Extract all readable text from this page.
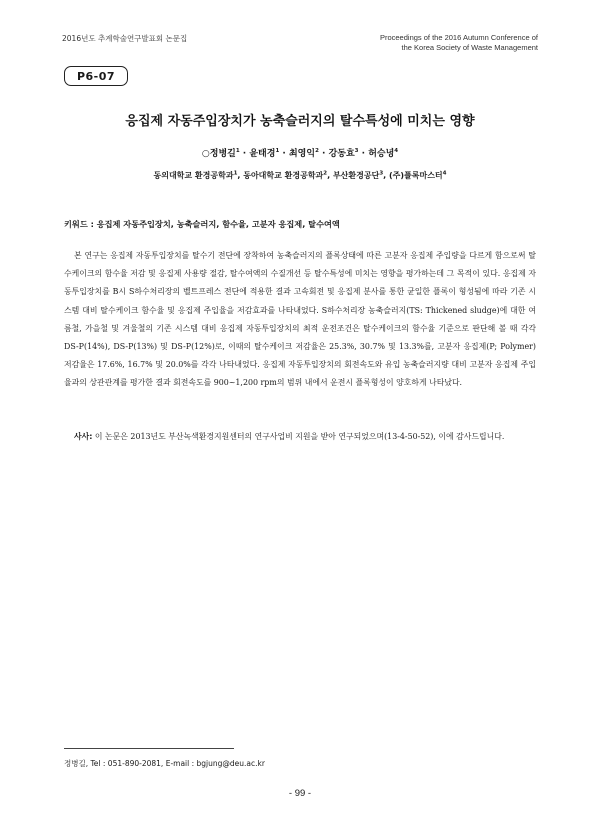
2016년도 추계학술연구발표회 논문집	Proceedings of the 2016 Autumn Conference of
the Korea Society of Waste Management
P6-07
응집제 자동주입장치가 농축슬러지의 탈수특성에 미치는 영향
○정병길$^1$ · 윤태경$^1$ · 최영익$^2$ · 강동효$^3$ · 허승녕$^4$
동의대학교 환경공학과$^1$, 동아대학교 환경공학과$^2$, 부산환경공단$^3$, (주)플록마스터$^4$
키워드 : 응집제 자동주입장치, 농축슬러지, 함수율, 고분자 응집제, 탈수여액

본 연구는 응집제 자동투입장치를 탈수기 전단에 장착하여 농축슬러지의 플록상태에 따른 고분자 응집제 주입량을 다르게 함으로써 탈수케이크의 함수율 저감 및 응집제 사용량 절감, 탈수여액의 수질개선 등 탈수특성에 미치는 영향을 평가하는데 그 목적이 있다. 응집제 자동투입장치를 B시 S하수처리장의 벨트프레스 전단에 적용한 결과 고속회전 및 응집제 분사를 통한 균일한 플록이 형성됨에 따라 기존 시스템 대비 탈수케이크 함수율 및 응집제 주입율을 저감효과를 나타내었다. S하수처리장 농축슬러지(TS: Thickened sludge)에 대한 여름철, 가을철 및 겨울철의 기존 시스템 대비 응집제 자동투입장치의 최적 운전조건은 탈수케이크의 함수율 기준으로 판단해 볼 때 각각 DS-P(14%), DS-P(13%) 및 DS-P(12%)로, 이때의 탈수케이크 저감율은 25.3%, 30.7% 및 13.3%를, 고분자 응집제(P; Polymer) 저감율은 17.6%, 16.7% 및 20.0%를 각각 나타내었다. 응집제 자동투입장치의 회전속도와 유입 농축슬러지량 대비 고분자 응집제 주입율과의 상관관계를 평가한 결과 회전속도를 900~1,200 rpm의 범위 내에서 운전시 플록형성이 양호하게 나타났다.

사사: 이 논문은 2013년도 부산녹색환경지원센터의 연구사업비 지원을 받아 연구되었으며(13-4-50-52), 이에 감사드립니다.

정병길, Tel : 051-890-2081, E-mail : bgjung@deu.ac.kr
- 99 -
